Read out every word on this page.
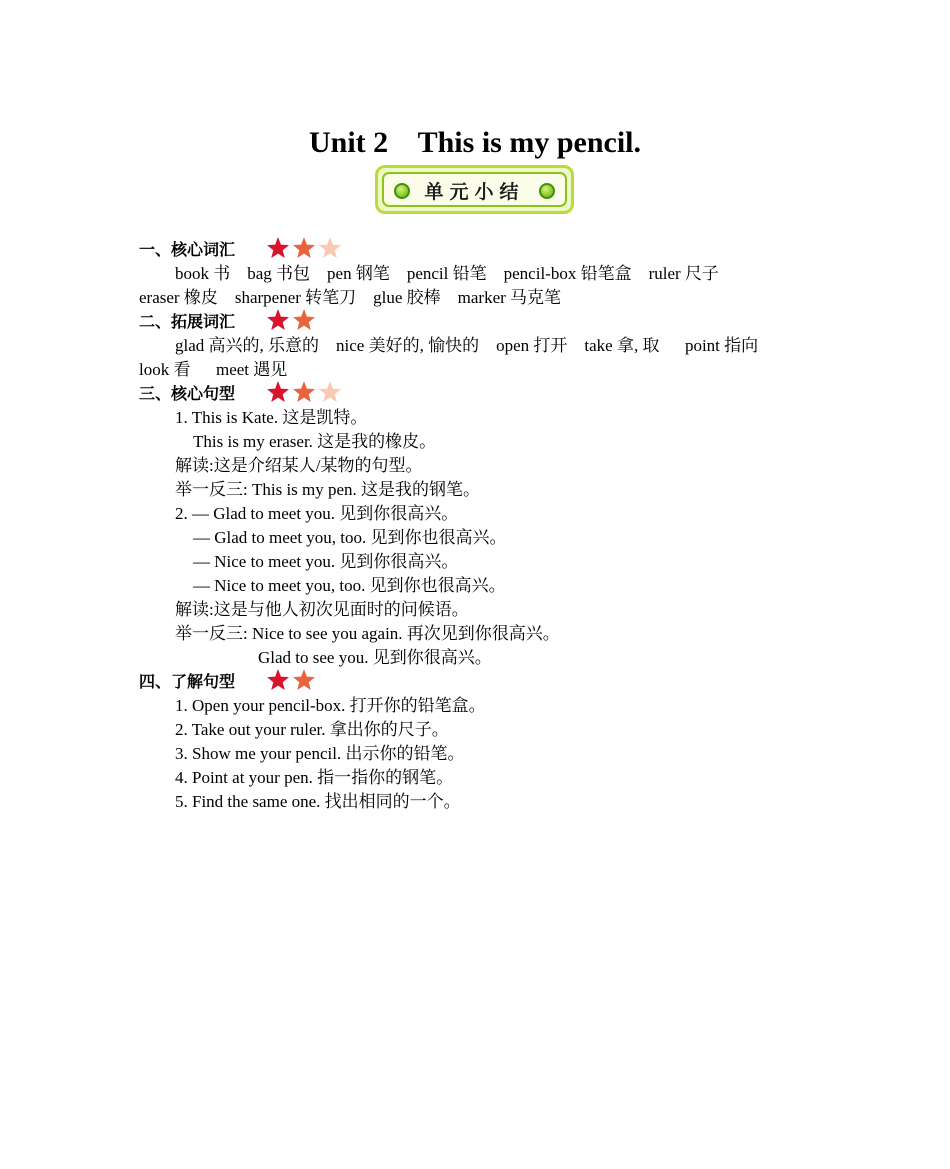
Unit 2    This is my pencil.
单元小结
一、核心词汇
book 书    bag 书包    pen 钢笔    pencil 铅笔    pencil-box 铅笔盒    ruler 尺子
eraser 橡皮    sharpener 转笔刀    glue 胶棒    marker 马克笔
二、拓展词汇
glad 高兴的, 乐意的    nice 美好的, 愉快的    open 打开    take 拿, 取      point 指向
look 看      meet 遇见
三、核心句型
1. This is Kate. 这是凯特。
This is my eraser. 这是我的橡皮。
解读:这是介绍某人/某物的句型。
举一反三: This is my pen. 这是我的钢笔。
2. — Glad to meet you. 见到你很高兴。
— Glad to meet you, too. 见到你也很高兴。
— Nice to meet you. 见到你很高兴。
— Nice to meet you, too. 见到你也很高兴。
解读:这是与他人初次见面时的问候语。
举一反三: Nice to see you again. 再次见到你很高兴。
Glad to see you. 见到你很高兴。
四、了解句型
1. Open your pencil-box. 打开你的铅笔盒。
2. Take out your ruler. 拿出你的尺子。
3. Show me your pencil. 出示你的铅笔。
4. Point at your pen. 指一指你的钢笔。
5. Find the same one. 找出相同的一个。
